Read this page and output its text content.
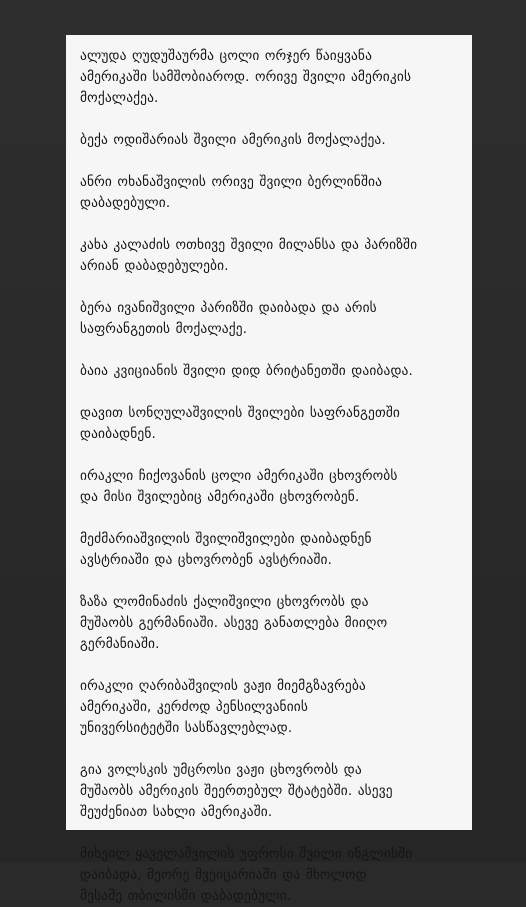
ალუდა ღუდუშაურმა ცოლი ორჯერ წაიყვანა
ამერიკაში სამშობიაროდ. ორივე შვილი ამერიკის
მოქალაქეა.

ბექა ოდიშარიას შვილი ამერიკის მოქალაქეა.

ანრი ოხანაშვილის ორივე შვილი ბერლინშია
დაბადებული.

კახა კალაძის ოთხივე შვილი მილანსა და პარიზში
არიან დაბადებულები.

ბერა ივანიშვილი პარიზში დაიბადა და არის
საფრანგეთის მოქალაქე.

ბაია კვიციანის შვილი დიდ ბრიტანეთში დაიბადა.

დავით სონღულაშვილის შვილები საფრანგეთში
დაიბადნენ.

ირაკლი ჩიქოვანის ცოლი ამერიკაში ცხოვრობს
და მისი შვილებიც ამერიკაში ცხოვრობენ.

მეძმარიაშვილის შვილიშვილები დაიბადნენ
ავსტრიაში და ცხოვრობენ ავსტრიაში.

ზაზა ლომინაძის ქალიშვილი ცხოვრობს და
მუშაობს გერმანიაში. ასევე განათლება მიიღო
გერმანიაში.

ირაკლი ღარიბაშვილის ვაჟი მიემგზავრება
ამერიკაში, კერძოდ პენსილვანიის
უნივერსიტეტში სასწავლებლად.

გია ვოლსკის უმცროსი ვაჟი ცხოვრობს და
მუშაობს ამერიკის შეერთებულ შტატებში. ასევე
შეუძენიათ სახლი ამერიკაში.

მიხეილ ყაველაშვილის უფროსი შვილი ინგლისში
დაიბადა, მეორე შვეიცარიაში და მხოლოდ
მესამე თბილისში დაბადებული.
